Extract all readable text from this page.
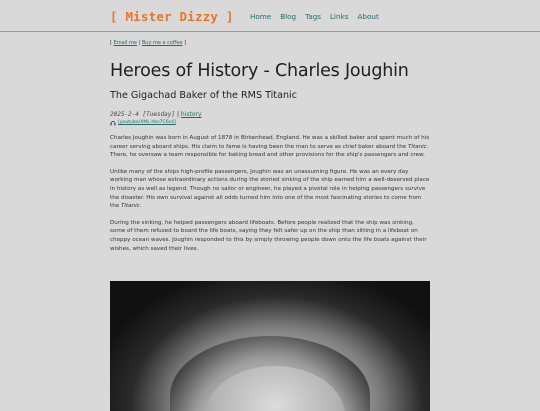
[ Mister Dizzy ] Home Blog Tags Links About
[ Email me | Buy me a coffee ]
Heroes of History - Charles Joughin
The Gigachad Baker of the RMS Titanic
2025-2-4 [Tuesday] | history
[youtube/XML hbs7C6c4]

Charles Joughin was born in August of 1878 in Birkenhead, England. He was a skilled baker and spent much of his career serving aboard ships. His claim to fame is having been the man to serve as chief baker aboard the Titanic. There, he oversaw a team responsible for baking bread and other provisions for the ship's passengers and crew.

Unlike many of the ships high-profile passengers, Joughin was an unassuming figure. He was an every day working man whose extraordinary actions during the storied sinking of the ship earned him a well-deserved place in history as well as legend. Though no sailor or engineer, he played a pivotal role in helping passengers survive the disaster. His own survival against all odds turned him into one of the most fascinating stories to come from the Titanic.

During the sinking, he helped passengers aboard lifeboats. Before people realized that the ship was sinking, some of them refused to board the life boats, saying they felt safer up on the ship than sitting in a lifeboat on choppy ocean waves. Joughin responded to this by simply throwing people down onto the life boats against their wishes, which saved their lives.
